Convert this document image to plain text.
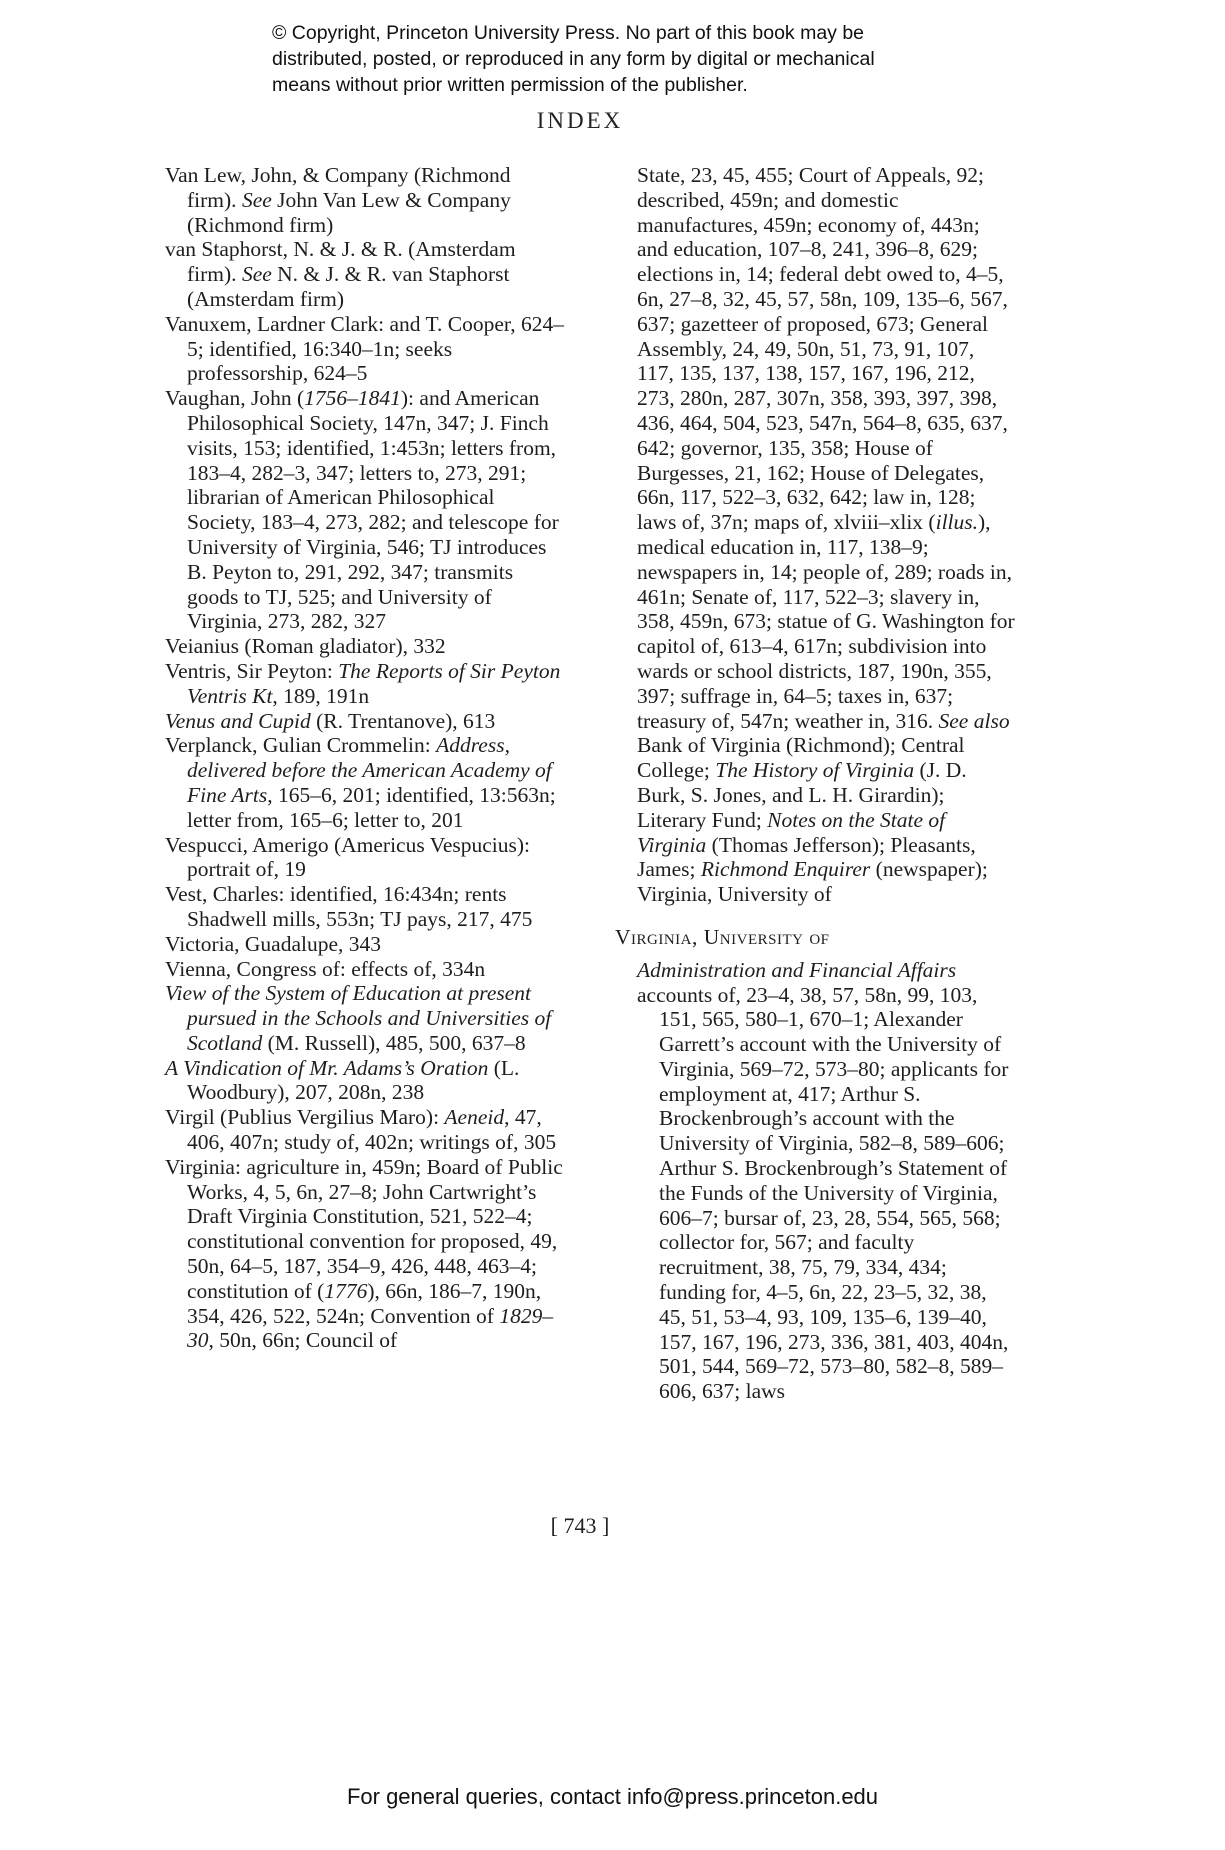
© Copyright, Princeton University Press. No part of this book may be
distributed, posted, or reproduced in any form by digital or mechanical
means without prior written permission of the publisher.
INDEX
Van Lew, John, & Company (Richmond firm). See John Van Lew & Company (Richmond firm)
van Staphorst, N. & J. & R. (Amsterdam firm). See N. & J. & R. van Staphorst (Amsterdam firm)
Vanuxem, Lardner Clark: and T. Cooper, 624–5; identified, 16:340–1n; seeks professorship, 624–5
Vaughan, John (1756–1841): and American Philosophical Society, 147n, 347; J. Finch visits, 153; identified, 1:453n; letters from, 183–4, 282–3, 347; letters to, 273, 291; librarian of American Philosophical Society, 183–4, 273, 282; and telescope for University of Virginia, 546; TJ introduces B. Peyton to, 291, 292, 347; transmits goods to TJ, 525; and University of Virginia, 273, 282, 327
Veianius (Roman gladiator), 332
Ventris, Sir Peyton: The Reports of Sir Peyton Ventris Kt, 189, 191n
Venus and Cupid (R. Trentanove), 613
Verplanck, Gulian Crommelin: Address, delivered before the American Academy of Fine Arts, 165–6, 201; identified, 13:563n; letter from, 165–6; letter to, 201
Vespucci, Amerigo (Americus Vespucius): portrait of, 19
Vest, Charles: identified, 16:434n; rents Shadwell mills, 553n; TJ pays, 217, 475
Victoria, Guadalupe, 343
Vienna, Congress of: effects of, 334n
View of the System of Education at present pursued in the Schools and Universities of Scotland (M. Russell), 485, 500, 637–8
A Vindication of Mr. Adams’s Oration (L. Woodbury), 207, 208n, 238
Virgil (Publius Vergilius Maro): Aeneid, 47, 406, 407n; study of, 402n; writings of, 305
Virginia: agriculture in, 459n; Board of Public Works, 4, 5, 6n, 27–8; John Cartwright’s Draft Virginia Constitution, 521, 522–4; constitutional convention for proposed, 49, 50n, 64–5, 187, 354–9, 426, 448, 463–4; constitution of (1776), 66n, 186–7, 190n, 354, 426, 522, 524n; Convention of 1829–30, 50n, 66n; Council of
State, 23, 45, 455; Court of Appeals, 92; described, 459n; and domestic manufactures, 459n; economy of, 443n; and education, 107–8, 241, 396–8, 629; elections in, 14; federal debt owed to, 4–5, 6n, 27–8, 32, 45, 57, 58n, 109, 135–6, 567, 637; gazetteer of proposed, 673; General Assembly, 24, 49, 50n, 51, 73, 91, 107, 117, 135, 137, 138, 157, 167, 196, 212, 273, 280n, 287, 307n, 358, 393, 397, 398, 436, 464, 504, 523, 547n, 564–8, 635, 637, 642; governor, 135, 358; House of Burgesses, 21, 162; House of Delegates, 66n, 117, 522–3, 632, 642; law in, 128; laws of, 37n; maps of, xlviii–xlix (illus.), medical education in, 117, 138–9; newspapers in, 14; people of, 289; roads in, 461n; Senate of, 117, 522–3; slavery in, 358, 459n, 673; statue of G. Washington for capitol of, 613–4, 617n; subdivision into wards or school districts, 187, 190n, 355, 397; suffrage in, 64–5; taxes in, 637; treasury of, 547n; weather in, 316. See also Bank of Virginia (Richmond); Central College; The History of Virginia (J. D. Burk, S. Jones, and L. H. Girardin); Literary Fund; Notes on the State of Virginia (Thomas Jefferson); Pleasants, James; Richmond Enquirer (newspaper); Virginia, University of
Virginia, University of
Administration and Financial Affairs
accounts of, 23–4, 38, 57, 58n, 99, 103, 151, 565, 580–1, 670–1; Alexander Garrett’s account with the University of Virginia, 569–72, 573–80; applicants for employment at, 417; Arthur S. Brockenbrough’s account with the University of Virginia, 582–8, 589–606; Arthur S. Brockenbrough’s Statement of the Funds of the University of Virginia, 606–7; bursar of, 23, 28, 554, 565, 568; collector for, 567; and faculty recruitment, 38, 75, 79, 334, 434; funding for, 4–5, 6n, 22, 23–5, 32, 38, 45, 51, 53–4, 93, 109, 135–6, 139–40, 157, 167, 196, 273, 336, 381, 403, 404n, 501, 544, 569–72, 573–80, 582–8, 589–606, 637; laws
[ 743 ]
For general queries, contact info@press.princeton.edu
